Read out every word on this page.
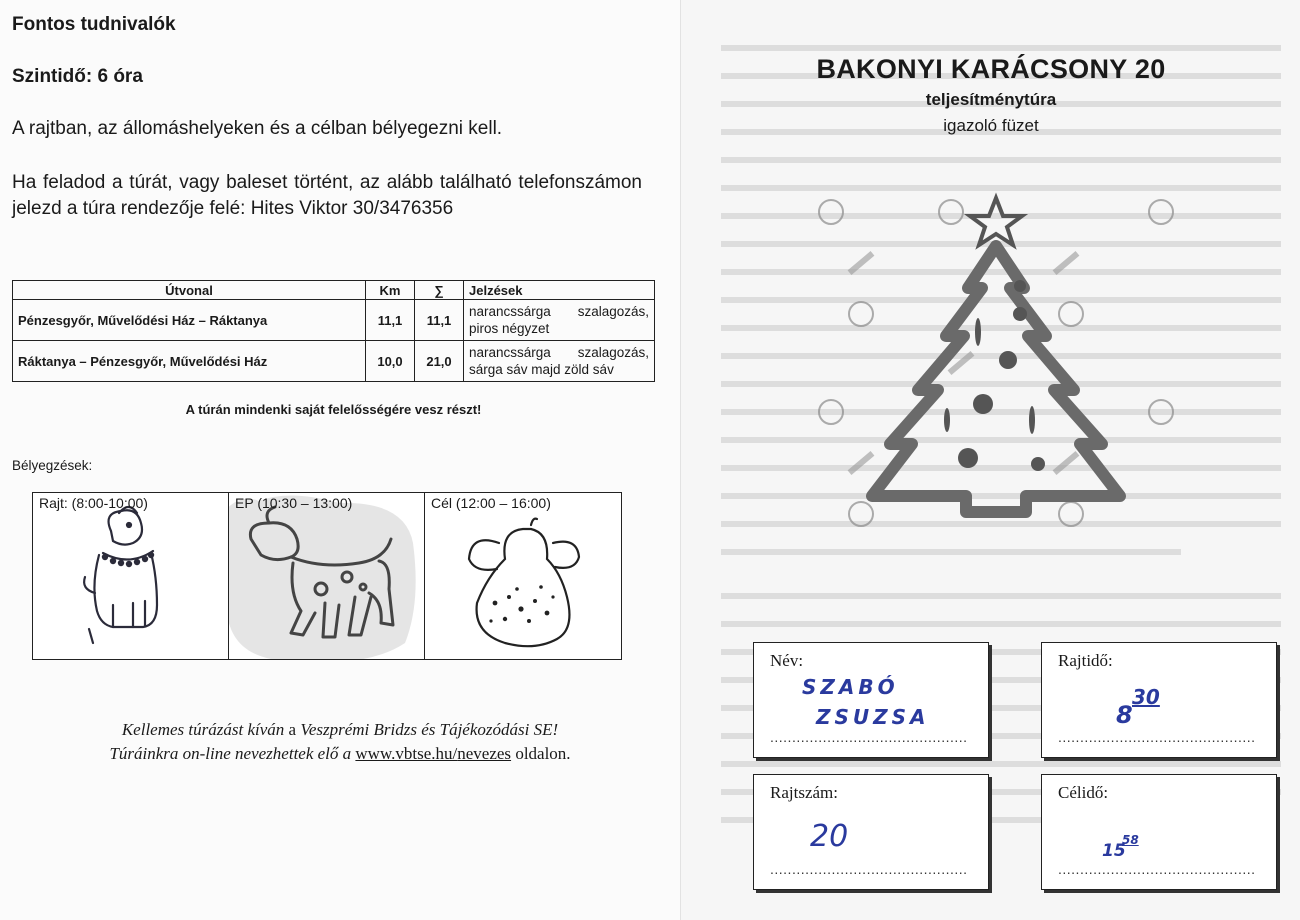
Fontos tudnivalók
Szintidő: 6 óra
A rajtban, az állomáshelyeken és a célban bélyegezni kell.
Ha feladod a túrát, vagy baleset történt, az alább található telefonszámon jelezd a túra rendezője felé: Hites Viktor 30/3476356
Útvonal	Km	∑	Jelzések
Pénzesgyőr, Művelődési Ház – Ráktanya	11,1	11,1	narancssárga szalagozás, piros négyzet
Ráktanya – Pénzesgyőr, Művelődési Ház	10,0	21,0	narancssárga szalagozás, sárga sáv majd zöld sáv
A túrán mindenki saját felelősségére vesz részt!
Bélyegzések:
Rajt: (8:00-10:00)	EP (10:30 – 13:00)	Cél (12:00 – 16:00)
Kellemes túrázást kíván a Veszprémi Bridzs és Tájékozódási SE!
Túráinkra on-line nevezhettek elő a www.vbtse.hu/nevezes oldalon.
BAKONYI KARÁCSONY 20
teljesítménytúra
igazoló füzet
Név:
SZABÓ
ZSUZSA
.............................................
Rajtidő:
8
30
.............................................
Rajtszám:
20
.............................................
Célidő:
15
58
.............................................
